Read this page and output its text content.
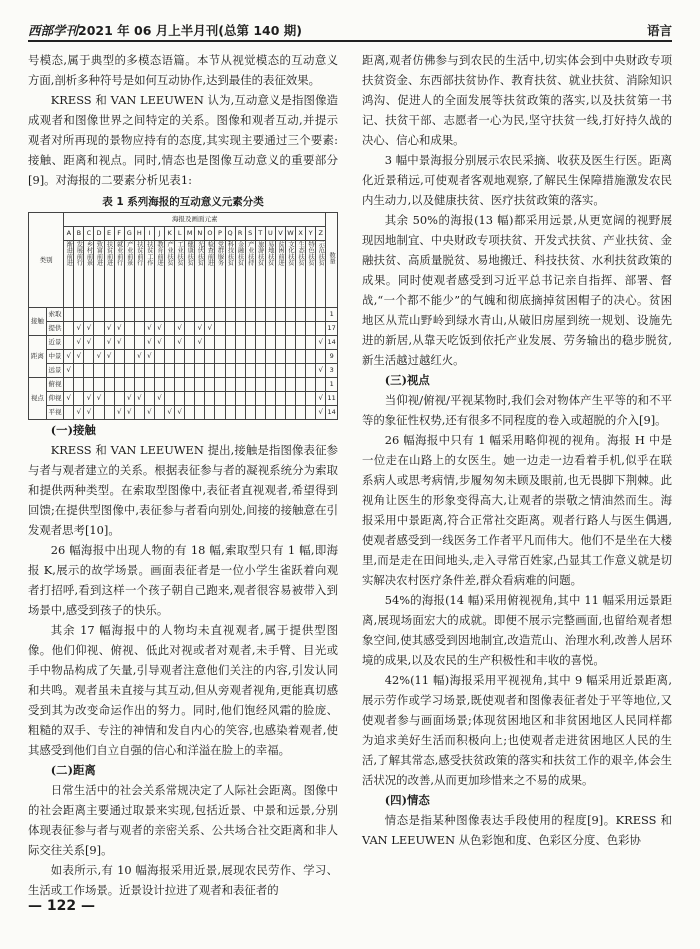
西部学刊2021 年 06 月上半月刊(总第 140 期)	语言

号模态,属于典型的多模态语篇。本节从视觉模态的互动意义方面,剖析多种符号是如何互动协作,达到最佳的表征效果。

KRESS 和 VAN LEEUWEN 认为,互动意义是指图像造成观者和图像世界之间特定的关系。图像和观者互动,并提示观者对所再现的景物应持有的态度,其实现主要通过三个要素:接触、距离和视点。同时,情态也是图像互动意义的重要部分[9]。对海报的二要素分析见表1:

表 1 系列海报的互动意义元素分类
类别		海报及画面元素																										数量
		A	B	C	D	E	F	G	H	I	J	K	L	M	N	O	P	Q	R	S	T	U	V	W	X	Y	Z	
		渐进前进	发展前行	乡村前景	致富前进	扶贫前进	就业前行	产业前景	扶贫前行	扶贫工作	教育前进	产业扶贫	工业扶贫	健康扶贫	光伏扶贫	检查前进	党群服务	科技扶贫	金融扶贫	产业扶持	旅游扶贫	易地扶贫	贫困前进	文化扶贫	生态扶贫	特色扶贫	示范扶贫	
接触	索取																											1
	提供		√	√		√	√			√	√		√		√	√												17
距离	近景		√	√		√	√			√	√		√		√												√	14
	中景	√	√		√	√			√	√																		9
	远景	√																									√	3
视点	俯视																											1
	仰视	√		√	√			√	√		√																√	11
	平视		√	√			√	√		√		√	√														√	14

(一)接触

KRESS 和 VAN LEEUWEN 提出,接触是指图像表征参与者与观者建立的关系。根据表征参与者的凝视系统分为索取和提供两种类型。在索取型图像中,表征者直视观者,希望得到回馈;在提供型图像中,表征参与者看向别处,间接的接触意在引发观者思考[10]。

26 幅海报中出现人物的有 18 幅,索取型只有 1 幅,即海报 K,展示的故学场景。画面表征者是一位小学生雀跃着向观者打招呼,看到这样一个孩子朝自己跑来,观者很容易被带入到场景中,感受到孩子的快乐。

其余 17 幅海报中的人物均未直视观者,属于提供型图像。他们仰视、俯视、低此对视或者对观者,未手臂、目光或手中物品构成了矢量,引导观者注意他们关注的内容,引发认同和共鸣。观者虽未直接与其互动,但从旁观者视角,更能真切感受到其为改变命运作出的努力。同时,他们饱经风霜的脸庞、粗糙的双手、专注的神情和发自内心的笑容,也感染着观者,使其感受到他们自立自强的信心和洋溢在脸上的幸福。

(二)距离

日常生活中的社会关系常规决定了人际社会距离。图像中的社会距离主要通过取景来实现,包括近景、中景和远景,分别体现表征参与者与观者的亲密关系、公共场合社交距离和非人际交往关系[9]。

如表所示,有 10 幅海报采用近景,展现农民劳作、学习、生活或工作场景。近景设计拉进了观者和表征者的

距离,观者仿佛参与到农民的生活中,切实体会到中央财政专项扶贫资金、东西部扶贫协作、教育扶贫、就业扶贫、消除知识鸿沟、促进人的全面发展等扶贫政策的落实,以及扶贫第一书记、扶贫干部、志愿者一心为民,坚守扶贫一线,打好持久战的决心、信心和成果。

3 幅中景海报分别展示农民采摘、收获及医生行医。距离化近景稍远,可使观者客观地观察,了解民生保障措施激发农民内生动力,以及健康扶贫、医疗扶贫政策的落实。

其余 50%的海报(13 幅)都采用远景,从更宽阔的视野展现因地制宜、中央财政专项扶贫、开发式扶贫、产业扶贫、金融扶贫、高质量脱贫、易地搬迁、科技扶贫、水利扶贫政策的成果。同时使观者感受到习近平总书记亲自指挥、部署、督战,“一个都不能少”的气魄和彻底摘掉贫困帽子的决心。贫困地区从荒山野岭到绿水青山,从破旧房屋到统一规划、设施先进的新居,从靠天吃饭到依托产业发展、劳务输出的稳步脱贫,新生活越过越红火。

(三)视点

当仰视/俯视/平视某物时,我们会对物体产生平等的和不平等的象征性权势,还有很多不同程度的卷入或超脱的介入[9]。

26 幅海报中只有 1 幅采用略仰视的视角。海报 H 中是一位走在山路上的女医生。她一边走一边看着手机,似乎在联系病人或思考病情,步履匆匆未顾及眼前,也无畏脚下荆棘。此视角让医生的形象变得高大,让观者的崇敬之情油然而生。海报采用中景距离,符合正常社交距离。观者行路人与医生偶遇,使观者感受到一线医务工作者平凡而伟大。他们不是坐在大楼里,而是走在田间地头,走入寻常百姓家,凸显其工作意义就是切实解决农村医疗条件差,群众看病难的问题。

54%的海报(14 幅)采用俯视视角,其中 11 幅采用远景距离,展现场面宏大的成就。即便不展示完整画面,也留给观者想象空间,使其感受到因地制宜,改造荒山、治理水利,改善人居环境的成果,以及农民的生产积极性和丰收的喜悦。

42%(11 幅)海报采用平视视角,其中 9 幅采用近景距离,展示劳作或学习场景,既使观者和图像表征者处于平等地位,又使观者参与画面场景;体现贫困地区和非贫困地区人民同样都为追求美好生活而积极向上;也使观者走进贫困地区人民的生活,了解其常态,感受扶贫政策的落实和扶贫工作的艰辛,体会生活状况的改善,从而更加珍惜来之不易的成果。

(四)情态

情态是指某种图像表达手段使用的程度[9]。KRESS 和 VAN LEEUWEN 从色彩饱和度、色彩区分度、色彩协

— 122 —
